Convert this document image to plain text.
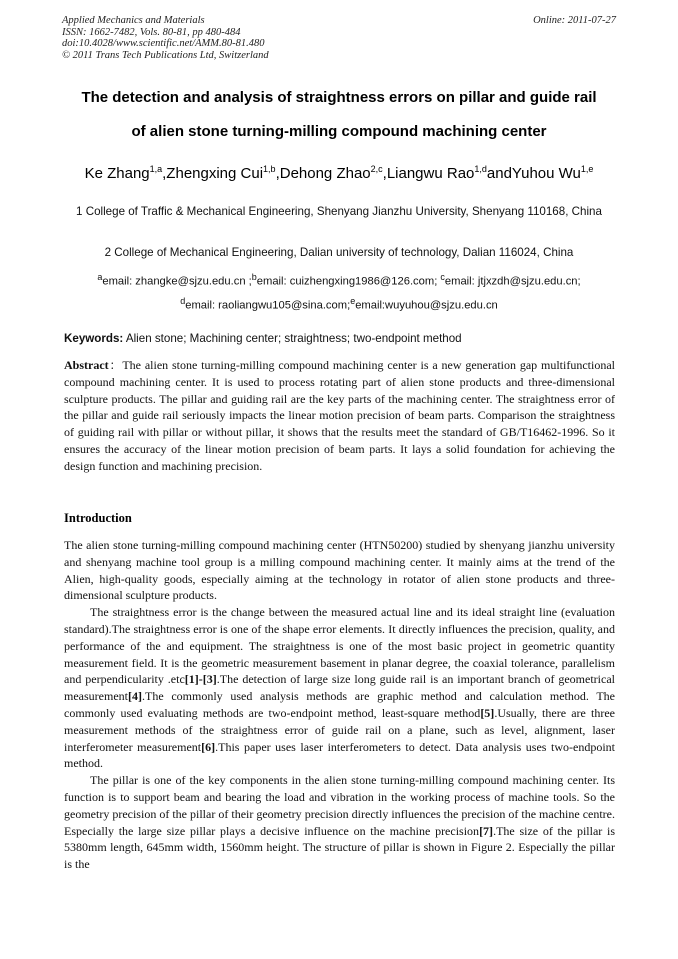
Applied Mechanics and Materials
ISSN: 1662-7482, Vols. 80-81, pp 480-484
doi:10.4028/www.scientific.net/AMM.80-81.480
© 2011 Trans Tech Publications Ltd, Switzerland
Online: 2011-07-27
The detection and analysis of straightness errors on pillar and guide rail
of alien stone turning-milling compound machining center
Ke Zhang$^{1,a}$,Zhengxing Cui$^{1,b}$,Dehong Zhao$^{2,c}$,Liangwu Rao$^{1,d}$andYuhou Wu$^{1,e}$
1 College of Traffic & Mechanical Engineering, Shenyang Jianzhu University, Shenyang 110168, China
2 College of Mechanical Engineering, Dalian university of technology, Dalian 116024, China
$^a$email: zhangke@sjzu.edu.cn ;$^b$email: cuizhengxing1986@126.com; $^c$email: jtjxzdh@sjzu.edu.cn;
$^d$email: raoliangwu105@sina.com;$^e$email:wuyuhou@sjzu.edu.cn
Keywords: Alien stone; Machining center; straightness; two-endpoint method
Abstract：The alien stone turning-milling compound machining center is a new generation gap multifunctional compound machining center. It is used to process rotating part of alien stone products and three-dimensional sculpture products. The pillar and guiding rail are the key parts of the machining center. The straightness error of the pillar and guide rail seriously impacts the linear motion precision of beam parts. Comparison the straightness of guiding rail with pillar or without pillar, it shows that the results meet the standard of GB/T16462-1996. So it ensures the accuracy of the linear motion precision of beam parts. It lays a solid foundation for achieving the design function and machining precision.
Introduction

The alien stone turning-milling compound machining center (HTN50200) studied by shenyang jianzhu university and shenyang machine tool group is a milling compound machining center. It mainly aims at the trend of the Alien, high-quality goods, especially aiming at the technology in rotator of alien stone products and three-dimensional sculpture products.

The straightness error is the change between the measured actual line and its ideal straight line (evaluation standard).The straightness error is one of the shape error elements. It directly influences the precision, quality, and performance of the and equipment. The straightness is one of the most basic project in geometric quantity measurement field. It is the geometric measurement basement in planar degree, the coaxial tolerance, parallelism and perpendicularity .etc[1]-[3].The detection of large size long guide rail is an important branch of geometrical measurement[4].The commonly used analysis methods are graphic method and calculation method. The commonly used evaluating methods are two-endpoint method, least-square method[5].Usually, there are three measurement methods of the straightness error of guide rail on a plane, such as level, alignment, laser interferometer measurement[6].This paper uses laser interferometers to detect. Data analysis uses two-endpoint method.

The pillar is one of the key components in the alien stone turning-milling compound machining center. Its function is to support beam and bearing the load and vibration in the working process of machine tools. So the geometry precision of the pillar of their geometry precision directly influences the precision of the machine centre. Especially the large size pillar plays a decisive influence on the machine precision[7].The size of the pillar is 5380mm length, 645mm width, 1560mm height. The structure of pillar is shown in Figure 2. Especially the pillar is the
